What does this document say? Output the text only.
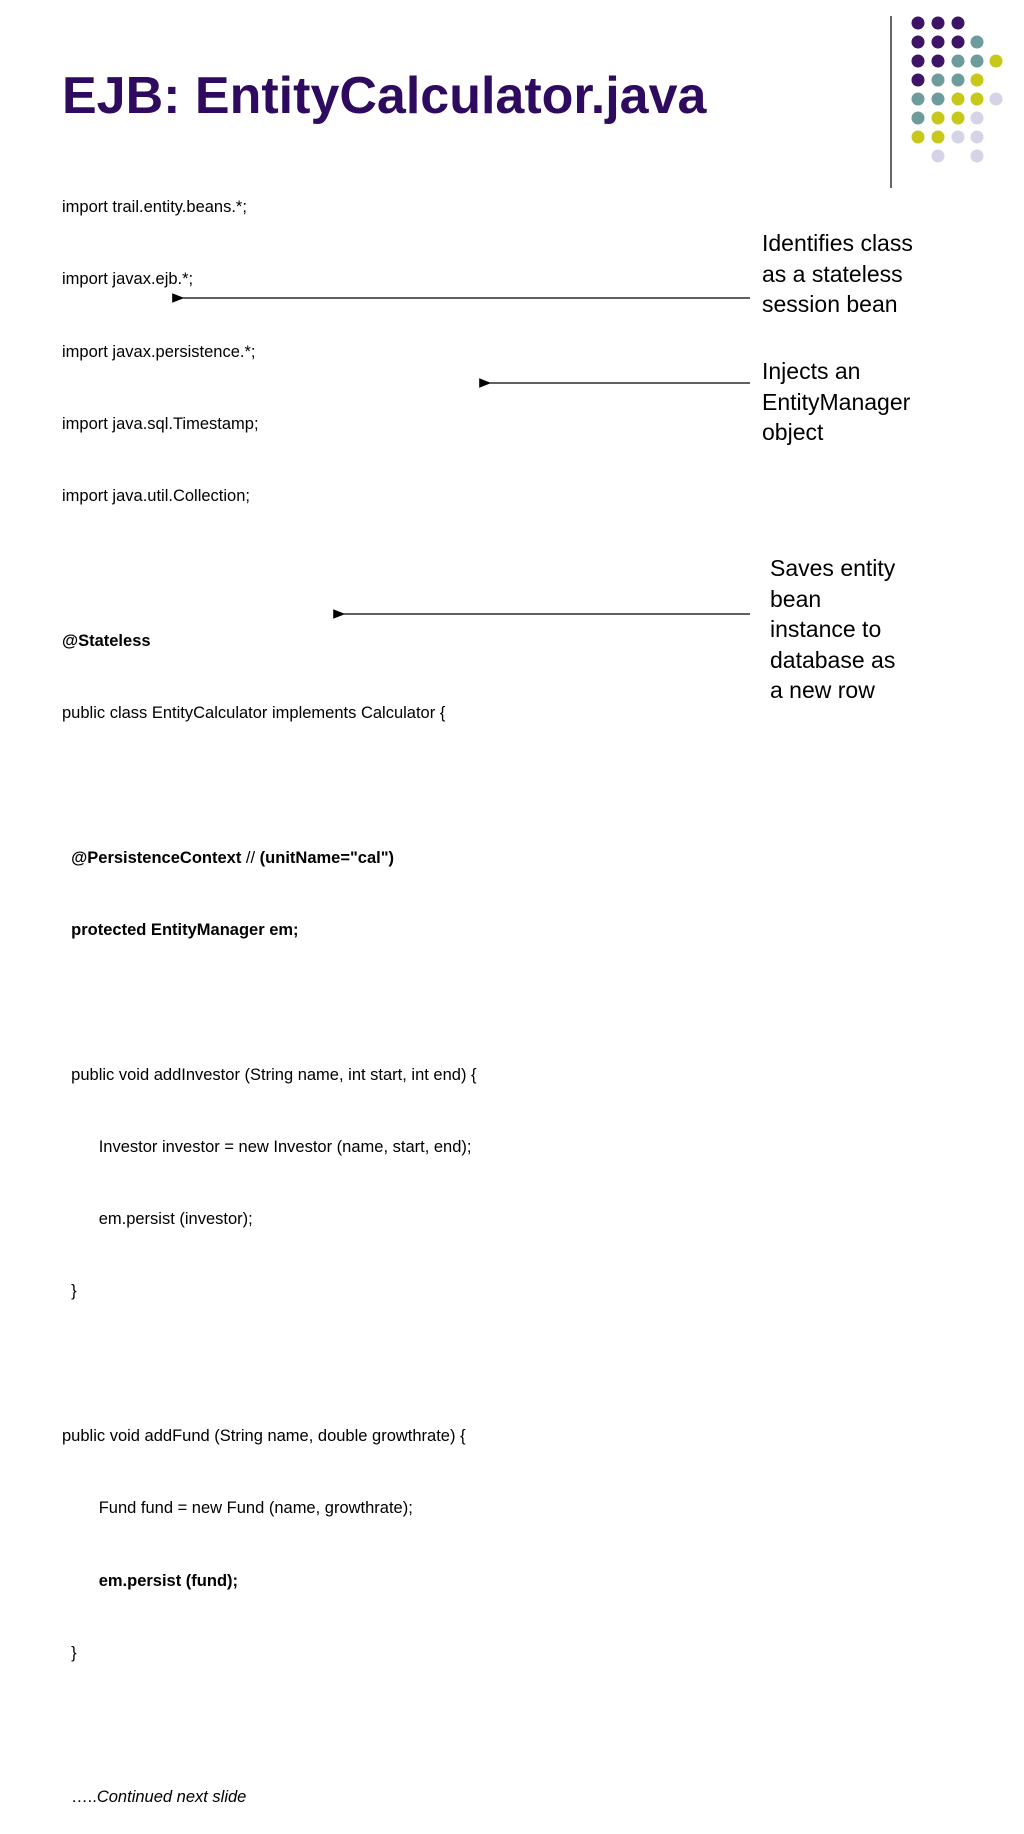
EJB: EntityCalculator.java

import trail.entity.beans.*;

import javax.ejb.*;

import javax.persistence.*;

import java.sql.Timestamp;

import java.util.Collection;

@Stateless

public class EntityCalculator implements Calculator {

@PersistenceContext // (unitName="cal")

protected EntityManager em;

public void addInvestor (String name, int start, int end) {

Investor investor = new Investor (name, start, end);

em.persist (investor);

}

public void addFund (String name, double growthrate) {

Fund fund = new Fund (name, growthrate);

em.persist (fund);

}

…..Continued next slide

Identifies class
as a stateless
session bean
Injects an
EntityManager
object
Saves entity
bean
instance to
database as
a new row
